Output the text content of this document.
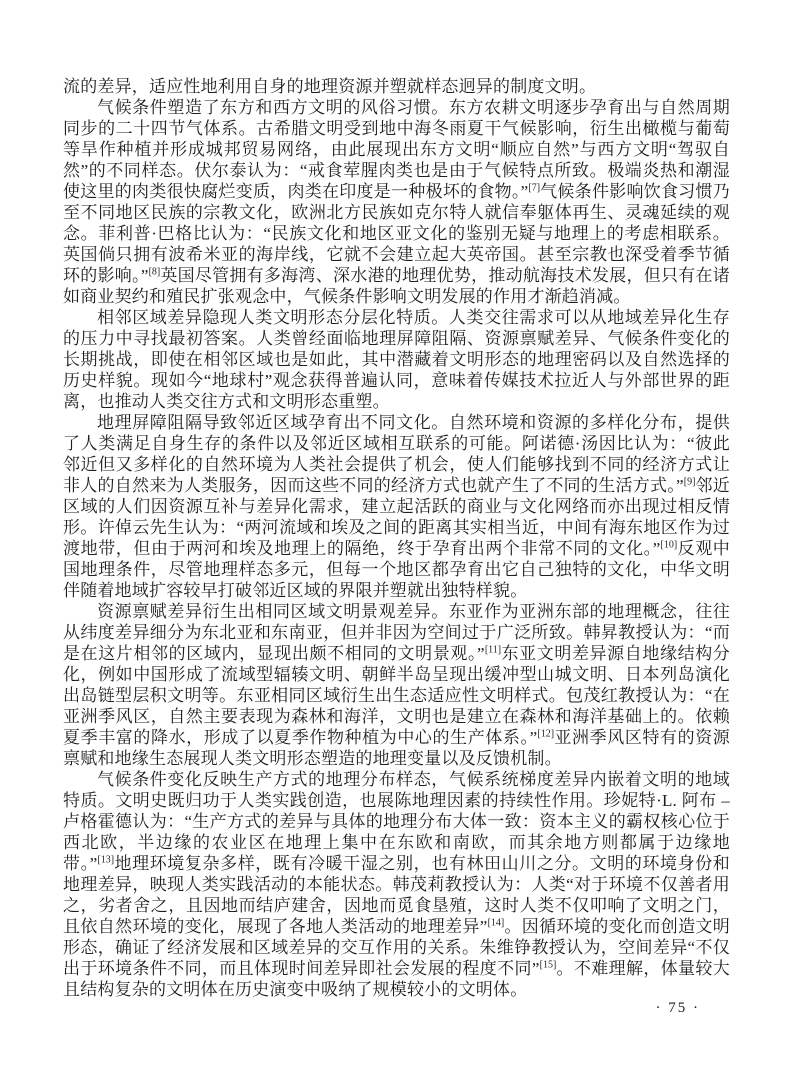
流的差异，适应性地利用自身的地理资源并塑就样态迥异的制度文明。

气候条件塑造了东方和西方文明的风俗习惯。东方农耕文明逐步孕育出与自然周期同步的二十四节气体系。古希腊文明受到地中海冬雨夏干气候影响，衍生出橄榄与葡萄等旱作种植并形成城邦贸易网络，由此展现出东方文明“顺应自然”与西方文明“驾驭自然”的不同样态。伏尔泰认为：“戒食荤腥肉类也是由于气候特点所致。极端炎热和潮湿使这里的肉类很快腐烂变质，肉类在印度是一种极坏的食物。”[7]气候条件影响饮食习惯乃至不同地区民族的宗教文化，欧洲北方民族如克尔特人就信奉躯体再生、灵魂延续的观念。菲利普·巴格比认为：“民族文化和地区亚文化的鉴别无疑与地理上的考虑相联系。英国倘只拥有波希米亚的海岸线，它就不会建立起大英帝国。甚至宗教也深受着季节循环的影响。”[8]英国尽管拥有多海湾、深水港的地理优势，推动航海技术发展，但只有在诸如商业契约和殖民扩张观念中，气候条件影响文明发展的作用才渐趋消减。

相邻区域差异隐现人类文明形态分层化特质。人类交往需求可以从地域差异化生存的压力中寻找最初答案。人类曾经面临地理屏障阻隔、资源禀赋差异、气候条件变化的长期挑战，即使在相邻区域也是如此，其中潜藏着文明形态的地理密码以及自然选择的历史样貌。现如今“地球村”观念获得普遍认同，意味着传媒技术拉近人与外部世界的距离，也推动人类交往方式和文明形态重塑。

地理屏障阻隔导致邻近区域孕育出不同文化。自然环境和资源的多样化分布，提供了人类满足自身生存的条件以及邻近区域相互联系的可能。阿诺德·汤因比认为：“彼此邻近但又多样化的自然环境为人类社会提供了机会，使人们能够找到不同的经济方式让非人的自然来为人类服务，因而这些不同的经济方式也就产生了不同的生活方式。”[9]邻近区域的人们因资源互补与差异化需求，建立起活跃的商业与文化网络而亦出现过相反情形。许倬云先生认为：“两河流域和埃及之间的距离其实相当近，中间有海东地区作为过渡地带，但由于两河和埃及地理上的隔绝，终于孕育出两个非常不同的文化。”[10]反观中国地理条件，尽管地理样态多元，但每一个地区都孕育出它自己独特的文化，中华文明伴随着地域扩容较早打破邻近区域的界限并塑就出独特样貌。

资源禀赋差异衍生出相同区域文明景观差异。东亚作为亚洲东部的地理概念，往往从纬度差异细分为东北亚和东南亚，但并非因为空间过于广泛所致。韩昇教授认为：“而是在这片相邻的区域内，显现出颇不相同的文明景观。”[11]东亚文明差异源自地缘结构分化，例如中国形成了流域型辐辏文明、朝鲜半岛呈现出缓冲型山城文明、日本列岛演化出岛链型层积文明等。东亚相同区域衍生出生态适应性文明样式。包茂红教授认为：“在亚洲季风区，自然主要表现为森林和海洋，文明也是建立在森林和海洋基础上的。依赖夏季丰富的降水，形成了以夏季作物种植为中心的生产体系。”[12]亚洲季风区特有的资源禀赋和地缘生态展现人类文明形态塑造的地理变量以及反馈机制。

气候条件变化反映生产方式的地理分布样态，气候系统梯度差异内嵌着文明的地域特质。文明史既归功于人类实践创造，也展陈地理因素的持续性作用。珍妮特·L. 阿布 – 卢格霍德认为：“生产方式的差异与具体的地理分布大体一致：资本主义的霸权核心位于西北欧，半边缘的农业区在地理上集中在东欧和南欧，而其余地方则都属于边缘地带。”[13]地理环境复杂多样，既有冷暖干湿之别，也有林田山川之分。文明的环境身份和地理差异，映现人类实践活动的本能状态。韩茂莉教授认为：人类“对于环境不仅善者用之，劣者舍之，且因地而结庐建舍，因地而觅食垦殖，这时人类不仅叩响了文明之门，且依自然环境的变化，展现了各地人类活动的地理差异”[14]。因循环境的变化而创造文明形态，确证了经济发展和区域差异的交互作用的关系。朱维铮教授认为，空间差异“不仅出于环境条件不同，而且体现时间差异即社会发展的程度不同”[15]。不难理解，体量较大且结构复杂的文明体在历史演变中吸纳了规模较小的文明体。

· 75 ·
